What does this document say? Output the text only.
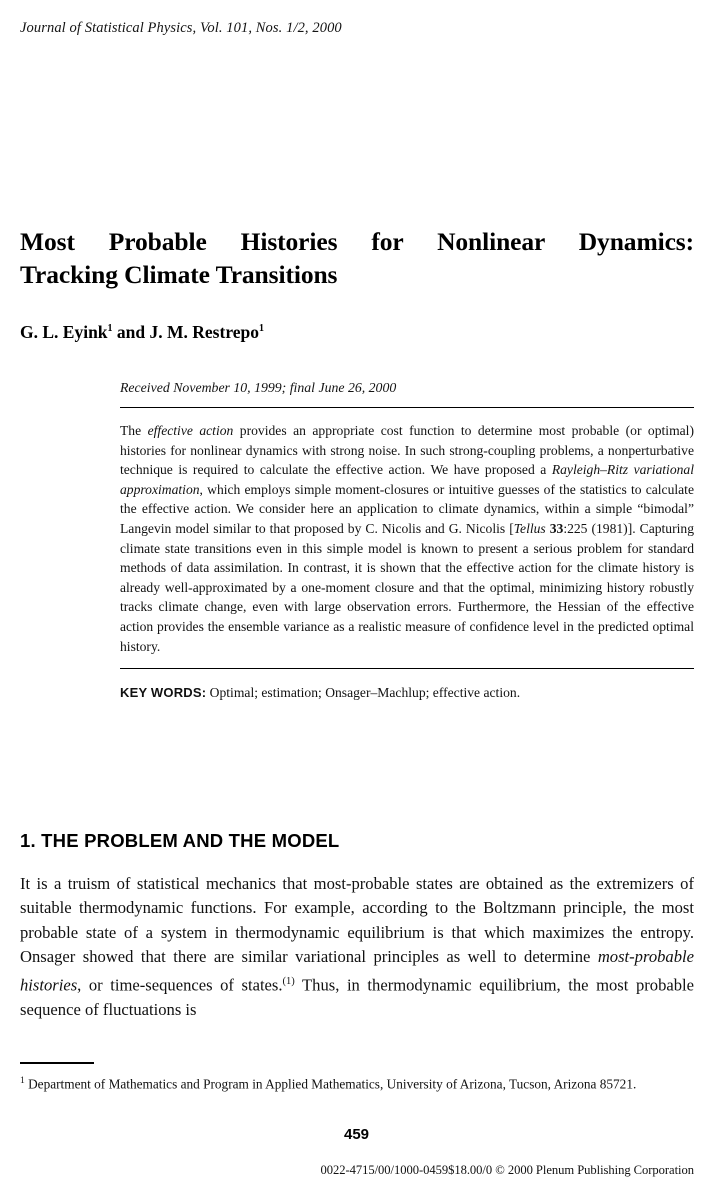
Journal of Statistical Physics, Vol. 101, Nos. 1/2, 2000
Most Probable Histories for Nonlinear Dynamics:
Tracking Climate Transitions
G. L. Eyink$^1$ and J. M. Restrepo$^1$
Received November 10, 1999; final June 26, 2000
The effective action provides an appropriate cost function to determine most probable (or optimal) histories for nonlinear dynamics with strong noise. In such strong-coupling problems, a nonperturbative technique is required to calculate the effective action. We have proposed a Rayleigh–Ritz variational approximation, which employs simple moment-closures or intuitive guesses of the statistics to calculate the effective action. We consider here an application to climate dynamics, within a simple “bimodal” Langevin model similar to that proposed by C. Nicolis and G. Nicolis [Tellus 33:225 (1981)]. Capturing climate state transitions even in this simple model is known to present a serious problem for standard methods of data assimilation. In contrast, it is shown that the effective action for the climate history is already well-approximated by a one-moment closure and that the optimal, minimizing history robustly tracks climate change, even with large observation errors. Furthermore, the Hessian of the effective action provides the ensemble variance as a realistic measure of confidence level in the predicted optimal history.
KEY WORDS: Optimal; estimation; Onsager–Machlup; effective action.
1. THE PROBLEM AND THE MODEL
It is a truism of statistical mechanics that most-probable states are obtained as the extremizers of suitable thermodynamic functions. For example, according to the Boltzmann principle, the most probable state of a system in thermodynamic equilibrium is that which maximizes the entropy. Onsager showed that there are similar variational principles as well to determine most-probable histories, or time-sequences of states.$^{(1)}$ Thus, in thermodynamic equilibrium, the most probable sequence of fluctuations is
$^1$ Department of Mathematics and Program in Applied Mathematics, University of Arizona, Tucson, Arizona 85721.
459
0022-4715/00/1000-0459$18.00/0 © 2000 Plenum Publishing Corporation
